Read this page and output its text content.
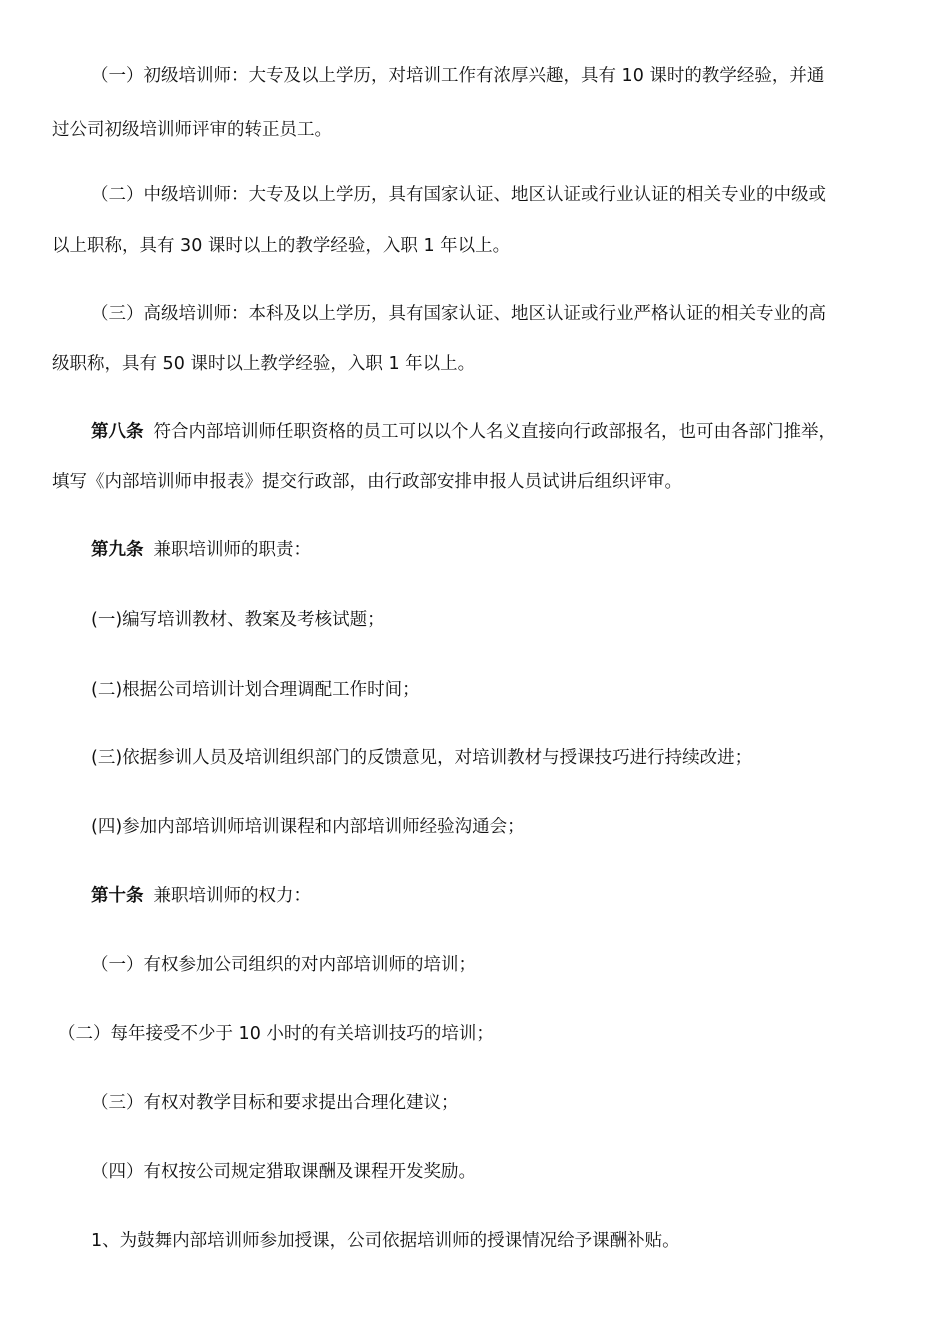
（一）初级培训师：大专及以上学历，对培训工作有浓厚兴趣，具有 10 课时的教学经验，并通
过公司初级培训师评审的转正员工。
（二）中级培训师：大专及以上学历，具有国家认证、地区认证或行业认证的相关专业的中级或
以上职称，具有 30 课时以上的教学经验，入职 1 年以上。
（三）高级培训师：本科及以上学历，具有国家认证、地区认证或行业严格认证的相关专业的高
级职称，具有 50 课时以上教学经验，入职 1 年以上。
第八条 符合内部培训师任职资格的员工可以以个人名义直接向行政部报名，也可由各部门推举，
填写《内部培训师申报表》提交行政部，由行政部安排申报人员试讲后组织评审。
第九条 兼职培训师的职责：
(一)编写培训教材、教案及考核试题；
(二)根据公司培训计划合理调配工作时间；
(三)依据参训人员及培训组织部门的反馈意见，对培训教材与授课技巧进行持续改进；
(四)参加内部培训师培训课程和内部培训师经验沟通会；
第十条 兼职培训师的权力：
（一）有权参加公司组织的对内部培训师的培训；
（二）每年接受不少于 10 小时的有关培训技巧的培训；
（三）有权对教学目标和要求提出合理化建议；
（四）有权按公司规定猎取课酬及课程开发奖励。
1、为鼓舞内部培训师参加授课，公司依据培训师的授课情况给予课酬补贴。
